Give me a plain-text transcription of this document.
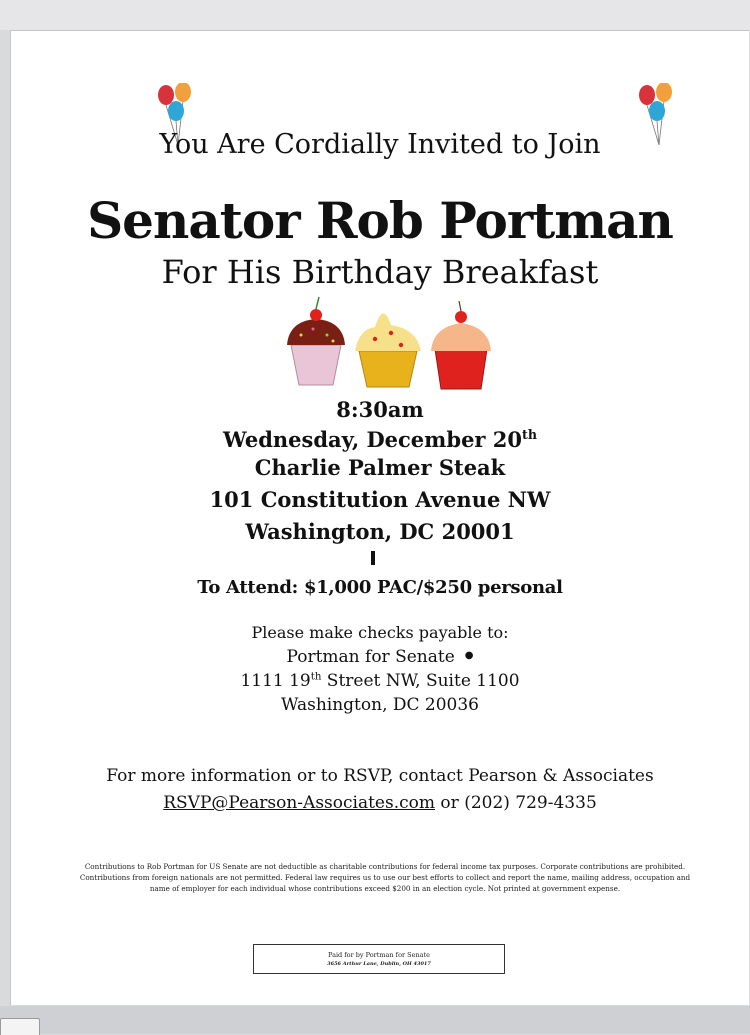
You Are Cordially Invited to Join
Senator Rob Portman
For His Birthday Breakfast
8:30am
Wednesday, December 20th
Charlie Palmer Steak
101 Constitution Avenue NW
Washington, DC 20001
To Attend: $1,000 PAC/$250 personal
Please make checks payable to:
Portman for Senate ●
1111 19th Street NW, Suite 1100
Washington, DC 20036
For more information or to RSVP, contact Pearson & Associates
RSVP@Pearson-Associates.com or (202) 729-4335
Contributions to Rob Portman for US Senate are not deductible as charitable contributions for federal income tax purposes. Corporate contributions are prohibited. Contributions from foreign nationals are not permitted. Federal law requires us to use our best efforts to collect and report the name, mailing address, occupation and name of employer for each individual whose contributions exceed $200 in an election cycle. Not printed at government expense.
Paid for by Portman for Senate
3656 Arthur Lane, Dublin, OH 43017
